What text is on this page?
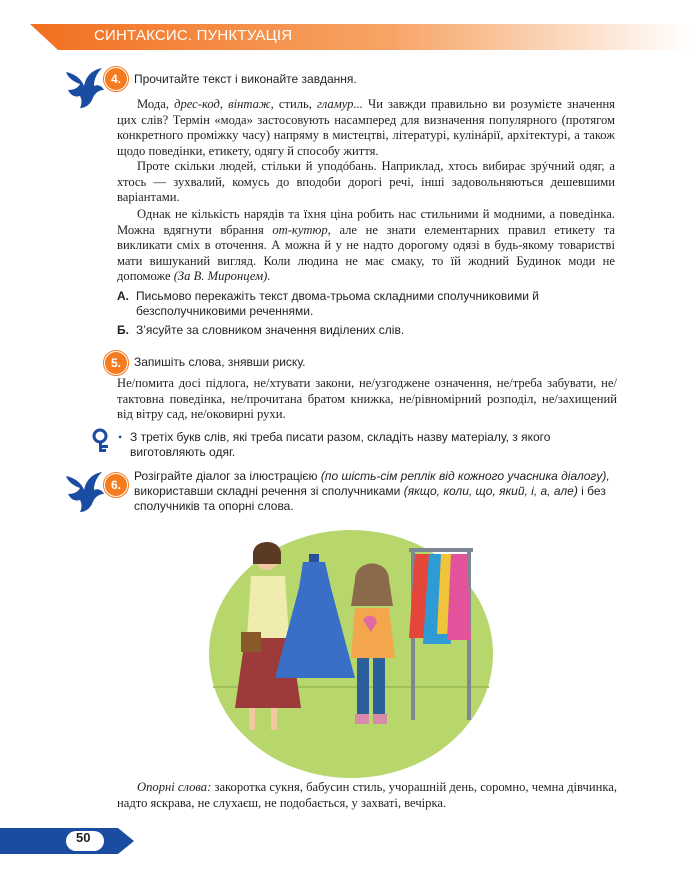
СИНТАКСИС. ПУНКТУАЦІЯ
4.	Прочитайте текст і виконайте завдання.
Мода, дрес-код, вінтаж, стиль, гламур... Чи завжди правильно ви розумієте значення цих слів? Термін «мода» застосовують насамперед для визначення популярного (протягом конкретного проміжку часу) напряму в мистецтві, літературі, кулінáрії, архітектурі, а також щодо поведінки, етикету, одягу й способу життя.
Проте скільки людей, стільки й уподóбань. Наприклад, хтось вибирає зрýчний одяг, а хтось — зухвалий, комусь до вподоби дорогі речі, інші задовольняються дешевшими варіантами.
Однак не кількість нарядів та їхня ціна робить нас стильними й модними, а поведінка. Можна вдягнути вбрання от-кутюр, але не знати елементарних правил етикету та викликати сміх в оточення. А можна й у не надто дорогому одязі в будь-якому товаристві мати вишуканий вигляд. Коли людина не має смаку, то їй жодний Будинок моди не допоможе (За В. Миронцем).
А. Письмово перекажіть текст двома-трьома складними сполучниковими й безсполучниковими реченнями.
Б. З’ясуйте за словником значення виділених слів.
5.	Запишіть слова, знявши риску.
Не/помита досі підлога, не/хтувати закони, не/узгоджене означення, не/треба забувати, не/тактовна поведінка, не/прочитана братом книжка, не/рівномірний розподіл, не/захищений від вітру сад, не/оковирні рухи.
• З третіх букв слів, які треба писати разом, складіть назву матеріалу, з якого виготовляють одяг.
6.
Розіграйте діалог за ілюстрацією (по шість-сім реплік від кожного учасника діалогу), використавши складні речення зі сполучниками (якщо, коли, що, який, і, а, але) і без сполучників та опорні слова.
Опорні слова: закоротка сукня, бабусин стиль, учорашній день, соромно, чемна дівчинка, надто яскрава, не слухаєш, не подобається, у захваті, вечірка.
50
